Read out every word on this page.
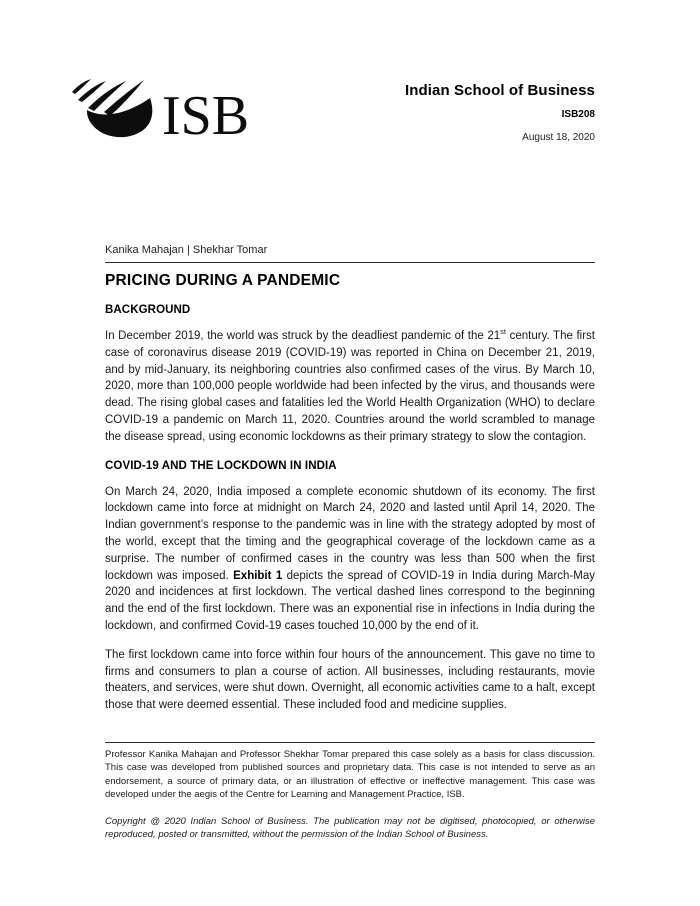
ISB	Indian School of Business
ISB208
August 18, 2020
Kanika Mahajan | Shekhar Tomar
PRICING DURING A PANDEMIC
BACKGROUND

In December 2019, the world was struck by the deadliest pandemic of the 21st century. The first case of coronavirus disease 2019 (COVID-19) was reported in China on December 21, 2019, and by mid-January, its neighboring countries also confirmed cases of the virus. By March 10, 2020, more than 100,000 people worldwide had been infected by the virus, and thousands were dead. The rising global cases and fatalities led the World Health Organization (WHO) to declare COVID-19 a pandemic on March 11, 2020. Countries around the world scrambled to manage the disease spread, using economic lockdowns as their primary strategy to slow the contagion.

COVID-19 AND THE LOCKDOWN IN INDIA

On March 24, 2020, India imposed a complete economic shutdown of its economy. The first lockdown came into force at midnight on March 24, 2020 and lasted until April 14, 2020. The Indian government’s response to the pandemic was in line with the strategy adopted by most of the world, except that the timing and the geographical coverage of the lockdown came as a surprise. The number of confirmed cases in the country was less than 500 when the first lockdown was imposed. Exhibit 1 depicts the spread of COVID-19 in India during March-May 2020 and incidences at first lockdown. The vertical dashed lines correspond to the beginning and the end of the first lockdown. There was an exponential rise in infections in India during the lockdown, and confirmed Covid-19 cases touched 10,000 by the end of it.

The first lockdown came into force within four hours of the announcement. This gave no time to firms and consumers to plan a course of action. All businesses, including restaurants, movie theaters, and services, were shut down. Overnight, all economic activities came to a halt, except those that were deemed essential. These included food and medicine supplies.

Professor Kanika Mahajan and Professor Shekhar Tomar prepared this case solely as a basis for class discussion. This case was developed from published sources and proprietary data. This case is not intended to serve as an endorsement, a source of primary data, or an illustration of effective or ineffective management. This case was developed under the aegis of the Centre for Learning and Management Practice, ISB.

Copyright @ 2020 Indian School of Business. The publication may not be digitised, photocopied, or otherwise reproduced, posted or transmitted, without the permission of the Indian School of Business.
